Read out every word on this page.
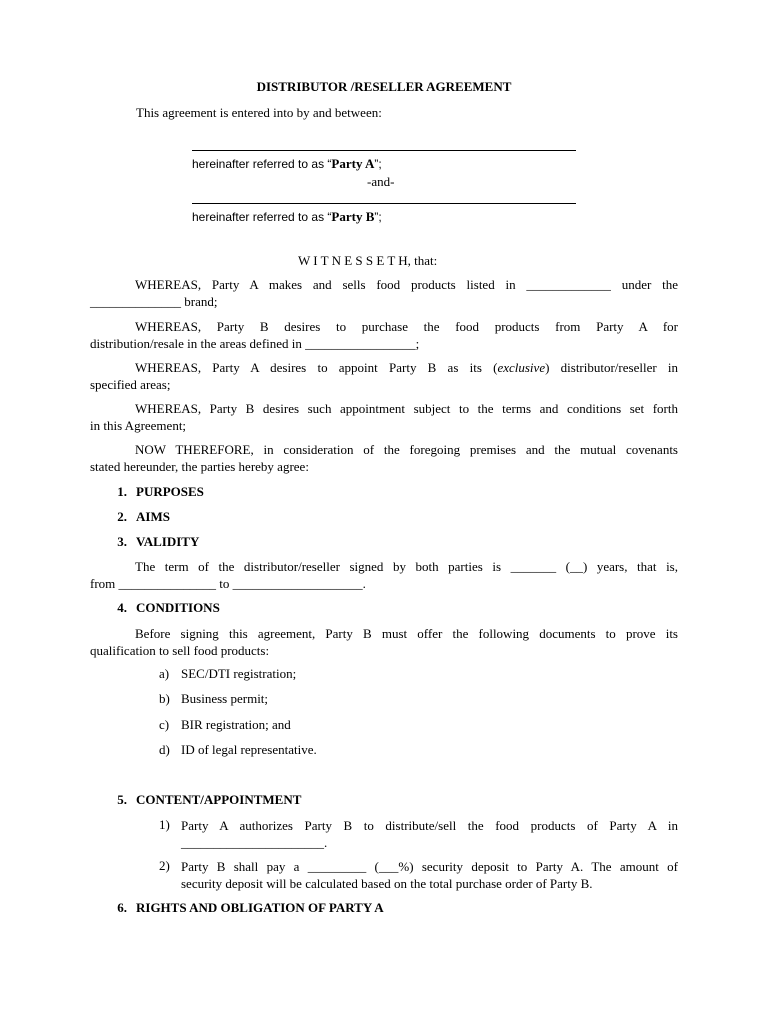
DISTRIBUTOR /RESELLER AGREEMENT
This agreement is entered into by and between:
hereinafter referred to as “Party A”;
-and-
hereinafter referred to as “Party B”;
W I T N E S S E T H, that:
WHEREAS, Party A makes and sells food products listed in _____________ under the
______________ brand;
WHEREAS, Party B desires to purchase the food products from Party A for
distribution/resale in the areas defined in _________________;
WHEREAS, Party A desires to appoint Party B as its (exclusive) distributor/reseller in
specified areas;
WHEREAS, Party B desires such appointment subject to the terms and conditions set forth
in this Agreement;
NOW THEREFORE, in consideration of the foregoing premises and the mutual covenants
stated hereunder, the parties hereby agree:
1. PURPOSES
2. AIMS
3. VALIDITY
The term of the distributor/reseller signed by both parties is _______ (__) years, that is,
from _______________ to ____________________.
4. CONDITIONS
Before signing this agreement, Party B must offer the following documents to prove its
qualification to sell food products:
a) SEC/DTI registration;
b) Business permit;
c) BIR registration; and
d) ID of legal representative.
5. CONTENT/APPOINTMENT
1) Party A authorizes Party B to distribute/sell the food products of Party A in
______________________.
2) Party B shall pay a _________ (___%) security deposit to Party A. The amount of
security deposit will be calculated based on the total purchase order of Party B.
6. RIGHTS AND OBLIGATION OF PARTY A
